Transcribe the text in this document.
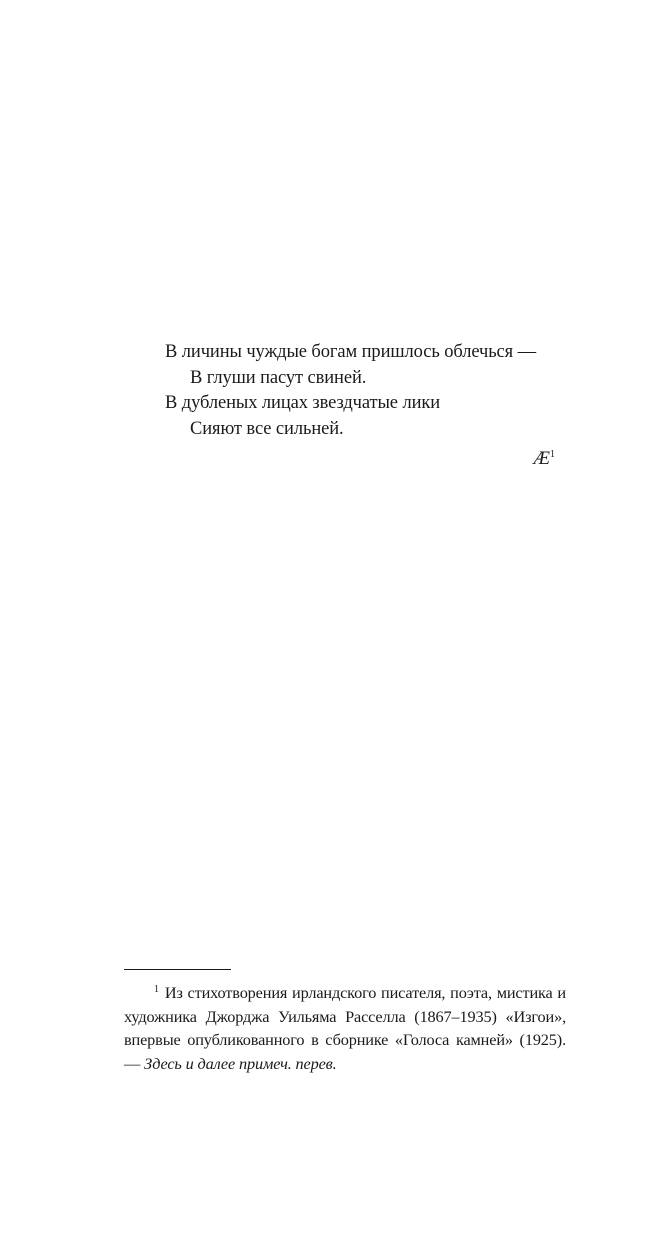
В личины чуждые богам пришлось облечься —
В глуши пасут свиней.
В дубленых лицах звездчатые лики
Сияют все сильней.
$Æ^1$
$^1$ Из стихотворения ирландского писателя, поэта, мистика и художника Джорджа Уильяма Расселла (1867–1935) «Изгои», впервые опубликованного в сборнике «Голоса камней» (1925). — Здесь и далее примеч. перев.
